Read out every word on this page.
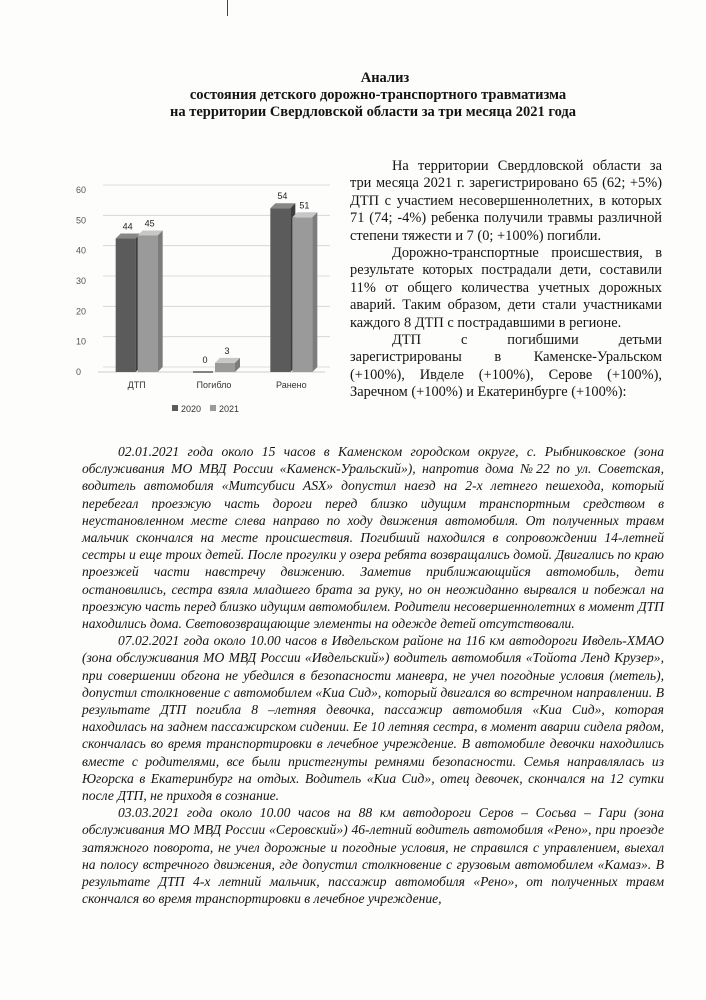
Анализ
состояния детского дорожно-транспортного травматизма
на территории Свердловской области за три месяца 2021 года
0
10
20
30
40
50
60
44 45
ДТП
0
3
Погибло
54
51
Ранено
2020 2021

На территории Свердловской области за три месяца 2021 г. зарегистрировано 65 (62; +5%) ДТП с участием несовершеннолетних, в которых 71 (74; -4%) ребенка получили травмы различной степени тяжести и 7 (0; +100%) погибли.

Дорожно-транспортные происшествия, в результате которых пострадали дети, составили 11% от общего количества учетных дорожных аварий. Таким образом, дети стали участниками каждого 8 ДТП с пострадавшими в регионе.

ДТП с погибшими детьми зарегистрированы в Каменске-Уральском (+100%), Ивделе (+100%), Серове (+100%), Заречном (+100%) и Екатеринбурге (+100%):

02.01.2021 года около 15 часов в Каменском городском округе, с. Рыбниковское (зона обслуживания МО МВД России «Каменск-Уральский»), напротив дома №22 по ул. Советская, водитель автомобиля «Митсубиси ASX» допустил наезд на 2-х летнего пешехода, который перебегал проезжую часть дороги перед близко идущим транспортным средством в неустановленном месте слева направо по ходу движения автомобиля. От полученных травм мальчик скончался на месте происшествия. Погибший находился в сопровождении 14-летней сестры и еще троих детей. После прогулки у озера ребята возвращались домой. Двигались по краю проезжей части навстречу движению. Заметив приближающийся автомобиль, дети остановились, сестра взяла младшего брата за руку, но он неожиданно вырвался и побежал на проезжую часть перед близко идущим автомобилем. Родители несовершеннолетних в момент ДТП находились дома. Световозвращающие элементы на одежде детей отсутствовали.

07.02.2021 года около 10.00 часов в Ивдельском районе на 116 км автодороги Ивдель-ХМАО (зона обслуживания МО МВД России «Ивдельский») водитель автомобиля «Тойота Ленд Крузер», при совершении обгона не убедился в безопасности маневра, не учел погодные условия (метель), допустил столкновение с автомобилем «Киа Сид», который двигался во встречном направлении. В результате ДТП погибла 8 –летняя девочка, пассажир автомобиля «Киа Сид», которая находилась на заднем пассажирском сидении. Ее 10 летняя сестра, в момент аварии сидела рядом, скончалась во время транспортировки в лечебное учреждение. В автомобиле девочки находились вместе с родителями, все были пристегнуты ремнями безопасности. Семья направлялась из Югорска в Екатеринбург на отдых. Водитель «Киа Сид», отец девочек, скончался на 12 сутки после ДТП, не приходя в сознание.

03.03.2021 года около 10.00 часов на 88 км автодороги Серов – Сосьва – Гари (зона обслуживания МО МВД России «Серовский») 46-летний водитель автомобиля «Рено», при проезде затяжного поворота, не учел дорожные и погодные условия, не справился с управлением, выехал на полосу встречного движения, где допустил столкновение с грузовым автомобилем «Камаз». В результате ДТП 4-х летний мальчик, пассажир автомобиля «Рено», от полученных травм скончался во время транспортировки в лечебное учреждение,
